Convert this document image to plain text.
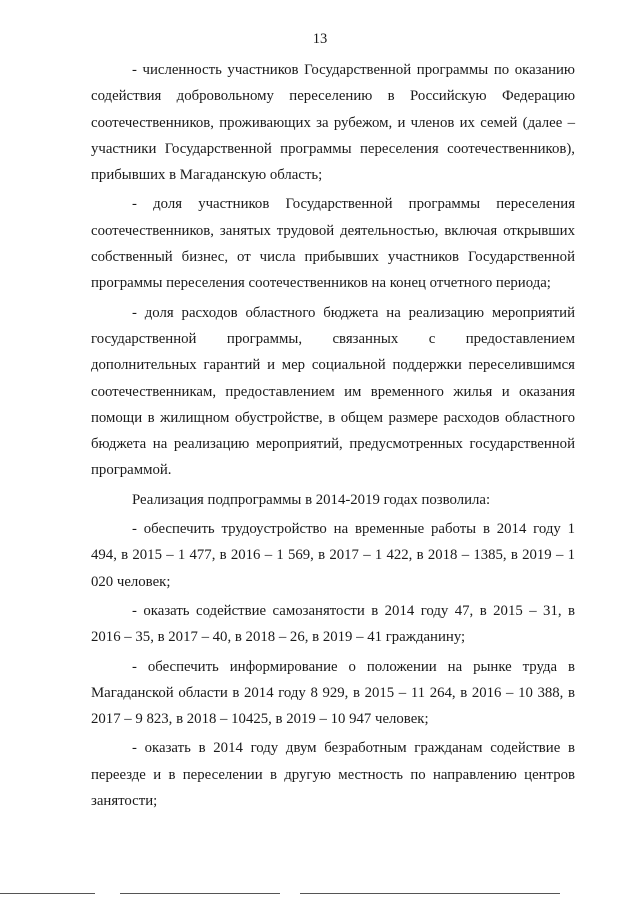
13

- численность участников Государственной программы по оказанию содействия добровольному переселению в Российскую Федерацию соотечественников, проживающих за рубежом, и членов их семей (далее – участники Государственной программы переселения соотечественников), прибывших в Магаданскую область;

- доля участников Государственной программы переселения соотечественников, занятых трудовой деятельностью, включая открывших собственный бизнес, от числа прибывших участников Государственной программы переселения соотечественников на конец отчетного периода;

- доля расходов областного бюджета на реализацию мероприятий государственной программы, связанных с предоставлением дополнительных гарантий и мер социальной поддержки переселившимся соотечественникам, предоставлением им временного жилья и оказания помощи в жилищном обустройстве, в общем размере расходов областного бюджета на реализацию мероприятий, предусмотренных государственной программой.

Реализация подпрограммы в 2014-2019 годах позволила:

- обеспечить трудоустройство на временные работы в 2014 году 1 494, в 2015 – 1 477, в 2016 – 1 569, в 2017 – 1 422, в 2018 – 1385, в 2019 – 1 020 человек;

- оказать содействие самозанятости в 2014 году 47, в 2015 – 31, в 2016 – 35, в 2017 – 40, в 2018 – 26, в 2019 – 41 гражданину;

- обеспечить информирование о положении на рынке труда в Магаданской области в 2014 году 8 929, в 2015 – 11 264, в 2016 – 10 388, в 2017 – 9 823, в 2018 – 10425, в 2019 – 10 947 человек;

- оказать в 2014 году двум безработным гражданам содействие в переезде и в переселении в другую местность по направлению центров занятости;
